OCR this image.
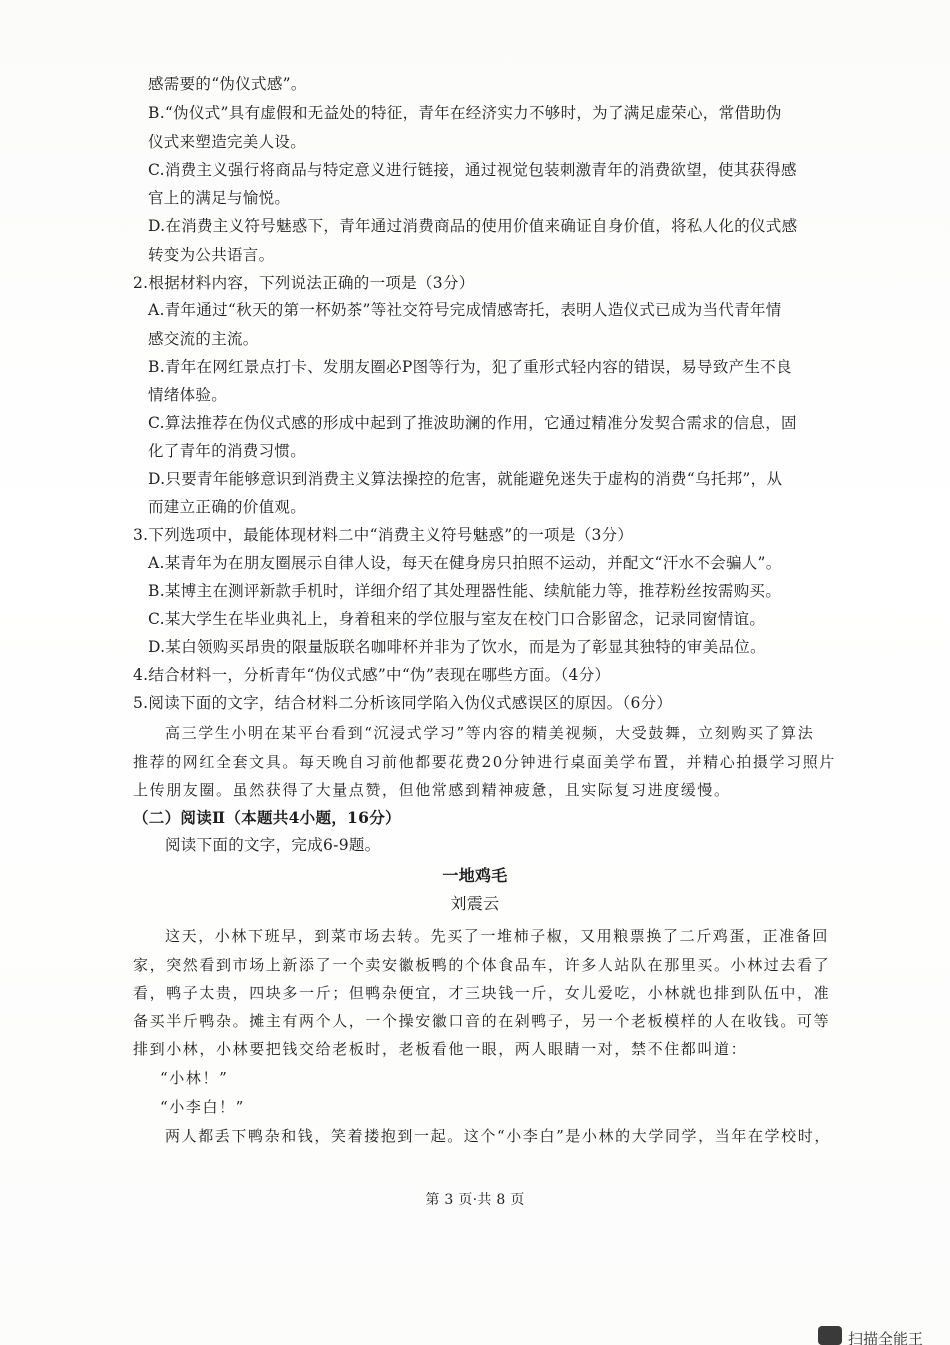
感需要的“伪仪式感”。
B.“伪仪式”具有虚假和无益处的特征，青年在经济实力不够时，为了满足虚荣心，常借助伪
仪式来塑造完美人设。
C.消费主义强行将商品与特定意义进行链接，通过视觉包装刺激青年的消费欲望，使其获得感
官上的满足与愉悦。
D.在消费主义符号魅惑下，青年通过消费商品的使用价值来确证自身价值，将私人化的仪式感
转变为公共语言。
2.根据材料内容，下列说法正确的一项是（3分）
A.青年通过“秋天的第一杯奶茶”等社交符号完成情感寄托，表明人造仪式已成为当代青年情
感交流的主流。
B.青年在网红景点打卡、发朋友圈必P图等行为，犯了重形式轻内容的错误，易导致产生不良
情绪体验。
C.算法推荐在伪仪式感的形成中起到了推波助澜的作用，它通过精准分发契合需求的信息，固
化了青年的消费习惯。
D.只要青年能够意识到消费主义算法操控的危害，就能避免迷失于虚构的消费“乌托邦”，从
而建立正确的价值观。
3.下列选项中，最能体现材料二中“消费主义符号魅惑”的一项是（3分）
A.某青年为在朋友圈展示自律人设，每天在健身房只拍照不运动，并配文“汗水不会骗人”。
B.某博主在测评新款手机时，详细介绍了其处理器性能、续航能力等，推荐粉丝按需购买。
C.某大学生在毕业典礼上，身着租来的学位服与室友在校门口合影留念，记录同窗情谊。
D.某白领购买昂贵的限量版联名咖啡杯并非为了饮水，而是为了彰显其独特的审美品位。
4.结合材料一，分析青年“伪仪式感”中“伪”表现在哪些方面。（4分）
5.阅读下面的文字，结合材料二分析该同学陷入伪仪式感误区的原因。（6分）
高三学生小明在某平台看到“沉浸式学习”等内容的精美视频，大受鼓舞，立刻购买了算法
推荐的网红全套文具。每天晚自习前他都要花费20分钟进行桌面美学布置，并精心拍摄学习照片
上传朋友圈。虽然获得了大量点赞，但他常感到精神疲惫，且实际复习进度缓慢。
（二）阅读Ⅱ（本题共4小题，16分）
阅读下面的文字，完成6-9题。
一地鸡毛
刘震云
这天，小林下班早，到菜市场去转。先买了一堆柿子椒，又用粮票换了二斤鸡蛋，正准备回
家，突然看到市场上新添了一个卖安徽板鸭的个体食品车，许多人站队在那里买。小林过去看了
看，鸭子太贵，四块多一斤；但鸭杂便宜，才三块钱一斤，女儿爱吃，小林就也排到队伍中，准
备买半斤鸭杂。摊主有两个人，一个操安徽口音的在剁鸭子，另一个老板模样的人在收钱。可等
排到小林，小林要把钱交给老板时，老板看他一眼，两人眼睛一对，禁不住都叫道：
“小林！”
“小李白！”
两人都丢下鸭杂和钱，笑着搂抱到一起。这个“小李白”是小林的大学同学，当年在学校时，
第 3 页·共 8 页
扫描全能王
